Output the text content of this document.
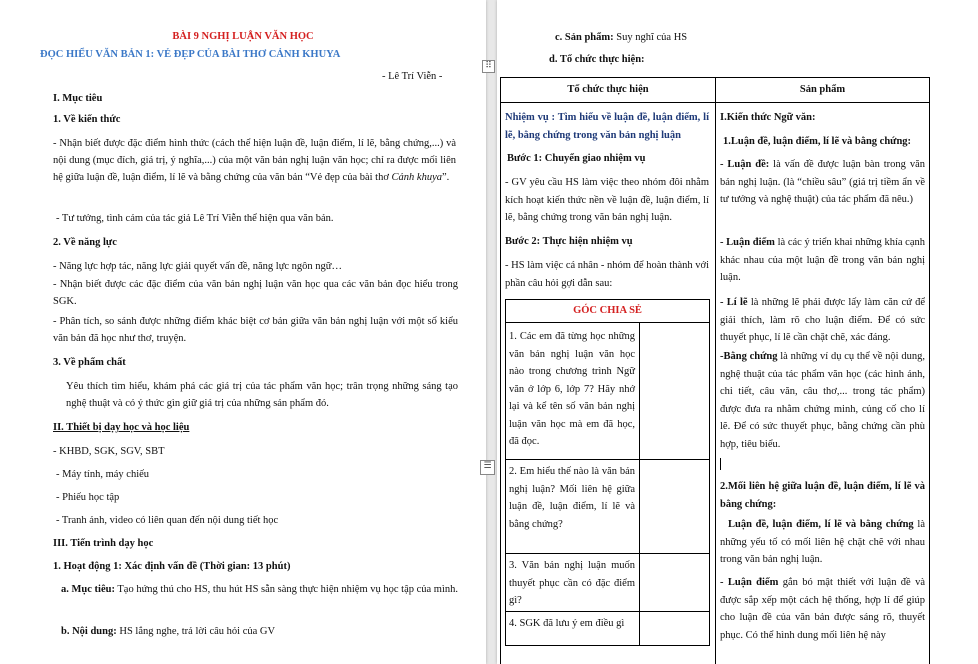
BÀI 9 NGHỊ LUẬN VĂN HỌC
ĐỌC HIỂU VĂN BẢN 1: VẺ ĐẸP CỦA BÀI THƠ CẢNH KHUYA
- Lê Trí Viễn -
I. Mục tiêu
1. Về kiến thức
- Nhận biết được đặc điểm hình thức (cách thể hiện luận đề, luận điểm, lí lẽ, bằng chứng,...) và nội dung (mục đích, giá trị, ý nghĩa,...) của một văn bản nghị luận văn học; chỉ ra được mối liên hệ giữa luận đề, luận điểm, lí lẽ và bằng chứng của văn bản “Vẻ đẹp của bài thơ Cảnh khuya”.
- Tư tưởng, tình cảm của tác giả Lê Trí Viễn thể hiện qua văn bản.
2. Về năng lực
- Năng lực hợp tác, năng lực giải quyết vấn đề, năng lực ngôn ngữ…
- Nhận biết được các đặc điểm của văn bản nghị luận văn học qua các văn bản đọc hiểu trong SGK.
- Phân tích, so sánh được những điểm khác biệt cơ bản giữa văn bản nghị luận với một số kiểu văn bản đã học như thơ, truyện.
3. Về phẩm chất
Yêu thích tìm hiểu, khám phá các giá trị của tác phẩm văn học; trân trọng những sáng tạo nghệ thuật và có ý thức gìn giữ giá trị của những sản phẩm đó.
II. Thiết bị dạy học và học liệu
- KHBD, SGK, SGV, SBT
- Máy tính, máy chiếu
- Phiếu học tập
- Tranh ảnh, video có liên quan đến nội dung tiết học
III. Tiến trình dạy học
1. Hoạt động 1: Xác định vấn đề (Thời gian: 13 phút)
a. Mục tiêu: Tạo hứng thú cho HS, thu hút HS sẵn sàng thực hiện nhiệm vụ học tập của mình.
b. Nội dung: HS lắng nghe, trả lời câu hỏi của GV
⠿
☰
c. Sản phẩm: Suy nghĩ của HS
d. Tổ chức thực hiện:
Tổ chức thực hiện	Sản phẩm
Nhiệm vụ : Tìm hiểu về luận đề, luận điểm, lí lẽ, bằng chứng trong văn bản nghị luận
Bước 1: Chuyển giao nhiệm vụ
- GV yêu cầu HS làm việc theo nhóm đôi nhằm kích hoạt kiến thức nền về luận đề, luận điểm, lí lẽ, bằng chứng trong văn bản nghị luận.
Bước 2: Thực hiện nhiệm vụ
- HS làm việc cá nhân - nhóm để hoàn thành với phần câu hỏi gợi dẫn sau:
GÓC CHIA SẺ
1. Các em đã từng học những văn bản nghị luận văn học nào trong chương trình Ngữ văn ở lớp 6, lớp 7? Hãy nhớ lại và kể tên số văn bản nghị luận văn học mà em đã học, đã đọc.
2. Em hiểu thế nào là văn bản nghị luận? Mối liên hệ giữa luận đề, luận điểm, lí lẽ và bằng chứng?
3. Văn bản nghị luận muốn thuyết phục cần có đặc điểm gì?
4. SGK đã lưu ý em điều gì
I.Kiến thức Ngữ văn:
1.Luận đề, luận điểm, lí lẽ và bằng chứng:
- Luận đề: là vấn đề được luận bàn trong văn bản nghị luận. (là “chiều sâu” (giá trị tiềm ẩn về tư tưởng và nghệ thuật) của tác phẩm đã nêu.)
- Luận điểm là các ý triển khai những khía cạnh khác nhau của một luận đề trong văn bản nghị luận.
- Lí lẽ là những lẽ phải được lấy làm căn cứ để giải thích, làm rõ cho luận điểm. Để có sức thuyết phục, lí lẽ cần chặt chẽ, xác đáng.
-Bằng chứng là những ví dụ cụ thể về nội dung, nghệ thuật của tác phẩm văn học (các hình ảnh, chi tiết, câu văn, câu thơ,... trong tác phẩm) được đưa ra nhằm chứng minh, củng cố cho lí lẽ. Để có sức thuyết phục, bằng chứng cần phù hợp, tiêu biểu.
2.Mối liên hệ giữa luận đề, luận điểm, lí lẽ và bằng chứng:
Luận đề, luận điểm, lí lẽ và bằng chứng là những yếu tố có mối liên hệ chặt chẽ với nhau trong văn bản nghị luận.
- Luận điểm gắn bó mật thiết với luận đề và được sắp xếp một cách hệ thống, hợp lí để giúp cho luận đề của văn bản được sáng rõ, thuyết phục. Có thể hình dung mối liên hệ này
